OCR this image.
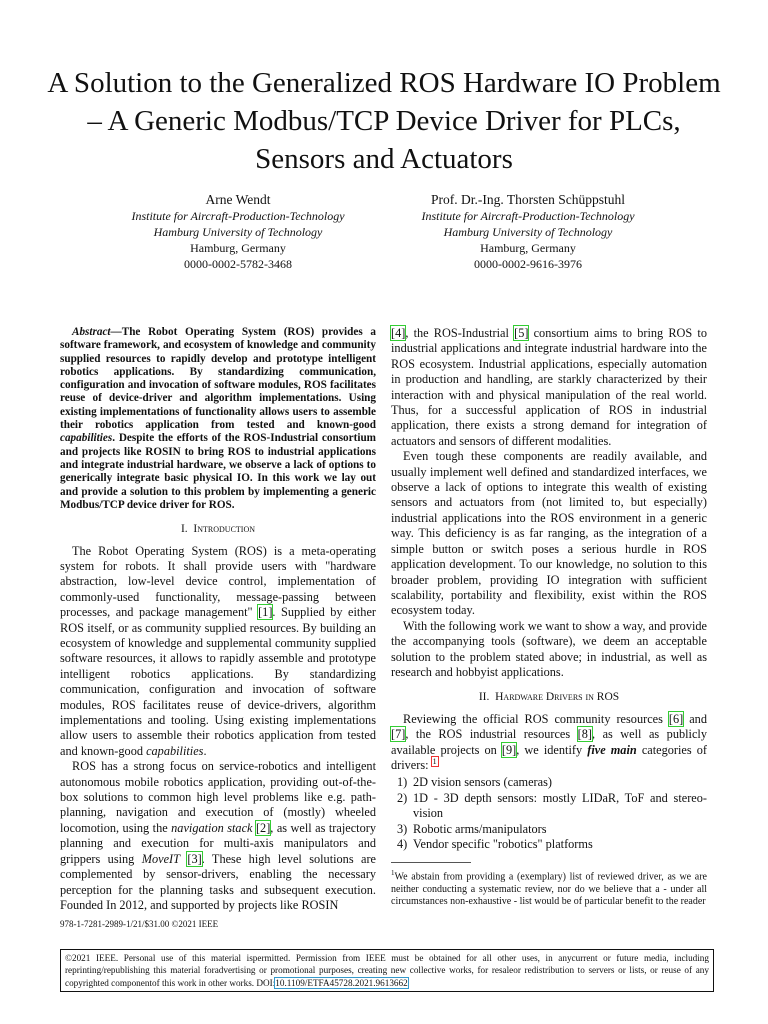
A Solution to the Generalized ROS Hardware IO Problem – A Generic Modbus/TCP Device Driver for PLCs, Sensors and Actuators
Arne Wendt
Institute for Aircraft-Production-Technology
Hamburg University of Technology
Hamburg, Germany
0000-0002-5782-3468
Prof. Dr.-Ing. Thorsten Schüppstuhl
Institute for Aircraft-Production-Technology
Hamburg University of Technology
Hamburg, Germany
0000-0002-9616-3976
Abstract—The Robot Operating System (ROS) provides a software framework, and ecosystem of knowledge and community supplied resources to rapidly develop and prototype intelligent robotics applications. By standardizing communication, configuration and invocation of software modules, ROS facilitates reuse of device-driver and algorithm implementations. Using existing implementations of functionality allows users to assemble their robotics application from tested and known-good capabilities. Despite the efforts of the ROS-Industrial consortium and projects like ROSIN to bring ROS to industrial applications and integrate industrial hardware, we observe a lack of options to generically integrate basic physical IO. In this work we lay out and provide a solution to this problem by implementing a generic Modbus/TCP device driver for ROS.
I. Introduction

The Robot Operating System (ROS) is a meta-operating system for robots. It shall provide users with "hardware abstraction, low-level device control, implementation of commonly-used functionality, message-passing between processes, and package management" [1]. Supplied by either ROS itself, or as community supplied resources. By building an ecosystem of knowledge and supplemental community supplied software resources, it allows to rapidly assemble and prototype intelligent robotics applications. By standardizing communication, configuration and invocation of software modules, ROS facilitates reuse of device-drivers, algorithm implementations and tooling. Using existing implementations allow users to assemble their robotics application from tested and known-good capabilities.

ROS has a strong focus on service-robotics and intelligent autonomous mobile robotics application, providing out-of-the-box solutions to common high level problems like e.g. path-planning, navigation and execution of (mostly) wheeled locomotion, using the navigation stack [2], as well as trajectory planning and execution for multi-axis manipulators and grippers using MoveIT [3]. These high level solutions are complemented by sensor-drivers, enabling the necessary perception for the planning tasks and subsequent execution. Founded In 2012, and supported by projects like ROSIN

[4], the ROS-Industrial [5] consortium aims to bring ROS to industrial applications and integrate industrial hardware into the ROS ecosystem. Industrial applications, especially automation in production and handling, are starkly characterized by their interaction with and physical manipulation of the real world. Thus, for a successful application of ROS in industrial application, there exists a strong demand for integration of actuators and sensors of different modalities.

Even tough these components are readily available, and usually implement well defined and standardized interfaces, we observe a lack of options to integrate this wealth of existing sensors and actuators from (not limited to, but especially) industrial applications into the ROS environment in a generic way. This deficiency is as far ranging, as the integration of a simple button or switch poses a serious hurdle in ROS application development. To our knowledge, no solution to this broader problem, providing IO integration with sufficient scalability, portability and flexibility, exist within the ROS ecosystem today.

With the following work we want to show a way, and provide the accompanying tools (software), we deem an acceptable solution to the problem stated above; in industrial, as well as research and hobbyist applications.

II. Hardware Drivers in ROS

Reviewing the official ROS community resources [6] and [7], the ROS industrial resources [8], as well as publicly available projects on [9], we identify five main categories of drivers: $^1$

1) 2D vision sensors (cameras)
2) 1D - 3D depth sensors: mostly LIDaR, ToF and stereo-vision
3) Robotic arms/manipulators
4) Vendor specific "robotics" platforms
$^1$We abstain from providing a (exemplary) list of reviewed driver, as we are neither conducting a systematic review, nor do we believe that a - under all circumstances non-exhaustive - list would be of particular benefit to the reader
978-1-7281-2989-1/21/$31.00 ©2021 IEEE
©2021 IEEE. Personal use of this material ispermitted. Permission from IEEE must be obtained for all other uses, in anycurrent or future media, including reprinting/republishing this material foradvertising or promotional purposes, creating new collective works, for resaleor redistribution to servers or lists, or reuse of any copyrighted componentof this work in other works. DOI:10.1109/ETFA45728.2021.9613662
